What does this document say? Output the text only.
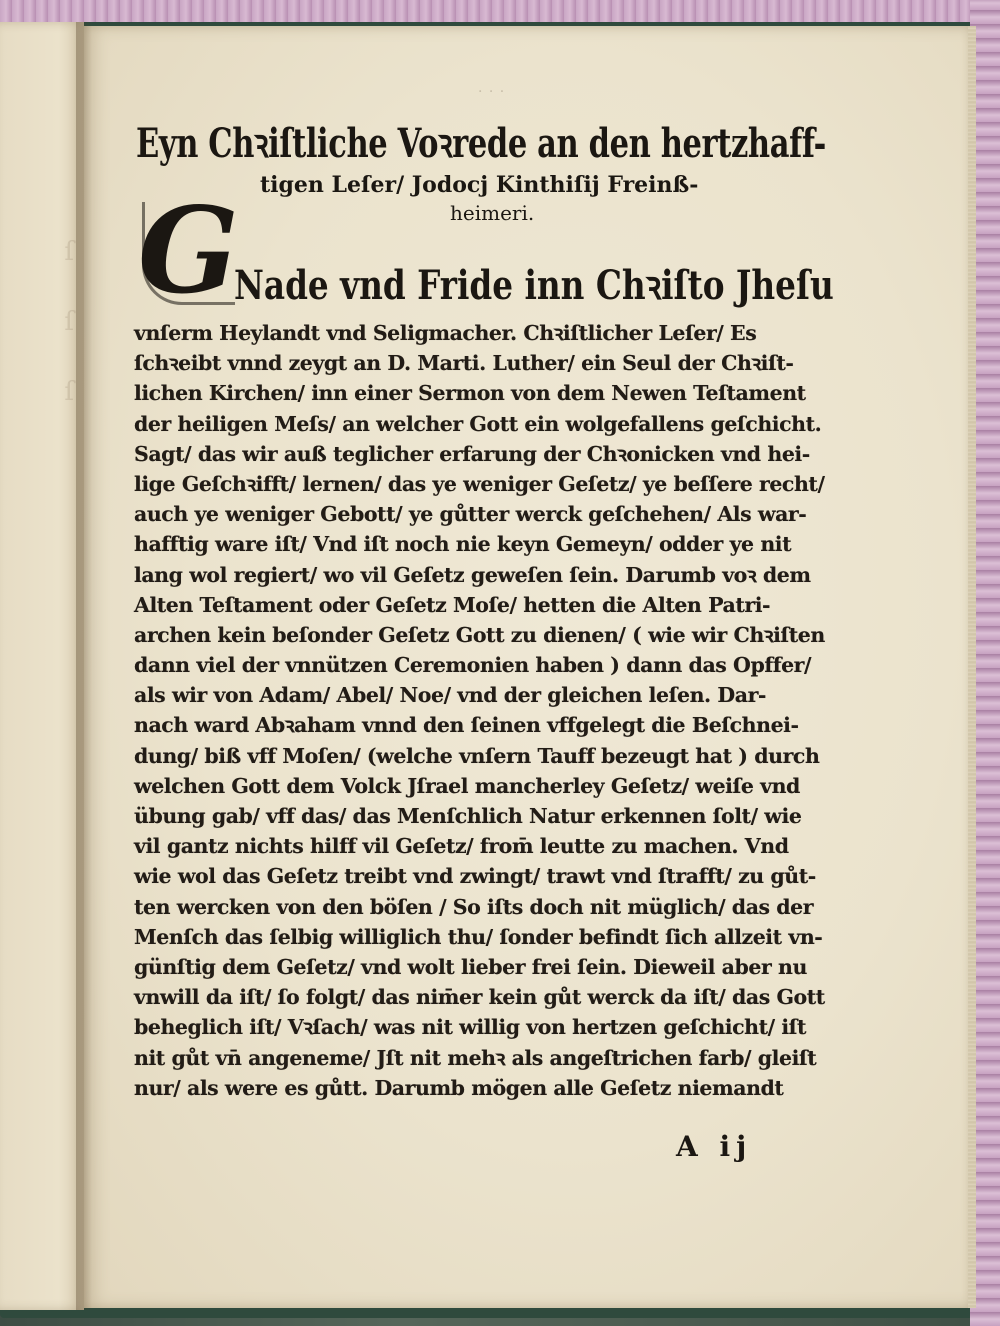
ſ
ſ
ſ
· · ·
Eyn Chꝛiſtliche Voꝛrede an den hertzhaff-
tigen Leſer/ Jodocj Kinthiſij Freinß-
heimeri.
G
Nade vnd Fride inn Chꝛiſto Jheſu
vnſerm Heylandt vnd Seligmacher. Chꝛiſtlicher Leſer/ Es
ſchꝛeibt vnnd zeygt an D. Marti. Luther/ ein Seul der Chꝛiſt-
lichen Kirchen/ inn einer Sermon von dem Newen Teſtament
der heiligen Meſs/ an welcher Gott ein wolgefallens geſchicht.
Sagt/ das wir auß teglicher erfarung der Chꝛonicken vnd hei-
lige Geſchꝛifft/ lernen/ das ye weniger Geſetz/ ye beſſere recht/
auch ye weniger Gebott/ ye gůtter werck geſchehen/ Als war-
hafftig ware iſt/ Vnd iſt noch nie keyn Gemeyn/ odder ye nit
lang wol regiert/ wo vil Geſetz geweſen ſein. Darumb voꝛ dem
Alten Teſtament oder Geſetz Moſe/ hetten die Alten Patri-
archen kein beſonder Geſetz Gott zu dienen/ ( wie wir Chꝛiſten
dann viel der vnnützen Ceremonien haben ) dann das Opffer/
als wir von Adam/ Abel/ Noe/ vnd der gleichen leſen. Dar-
nach ward Abꝛaham vnnd den ſeinen vffgelegt die Beſchnei-
dung/ biß vff Moſen/ (welche vnſern Tauff bezeugt hat ) durch
welchen Gott dem Volck Jſrael mancherley Geſetz/ weiſe vnd
übung gab/ vff das/ das Menſchlich Natur erkennen ſolt/ wie
vil gantz nichts hilff vil Geſetz/ from̄ leutte zu machen. Vnd
wie wol das Geſetz treibt vnd zwingt/ trawt vnd ſtrafft/ zu gůt-
ten wercken von den böſen / So iſts doch nit müglich/ das der
Menſch das ſelbig williglich thu/ ſonder befindt ſich allzeit vn-
günſtig dem Geſetz/ vnd wolt lieber frei ſein. Dieweil aber nu
vnwill da iſt/ ſo folgt/ das nim̄er kein gůt werck da iſt/ das Gott
beheglich iſt/ Vꝛſach/ was nit willig von hertzen geſchicht/ iſt
nit gůt vn̄ angeneme/ Jſt nit mehꝛ als angeſtrichen farb/ gleiſt
nur/ als were es gůtt. Darumb mögen alle Geſetz niemandt
A ij
